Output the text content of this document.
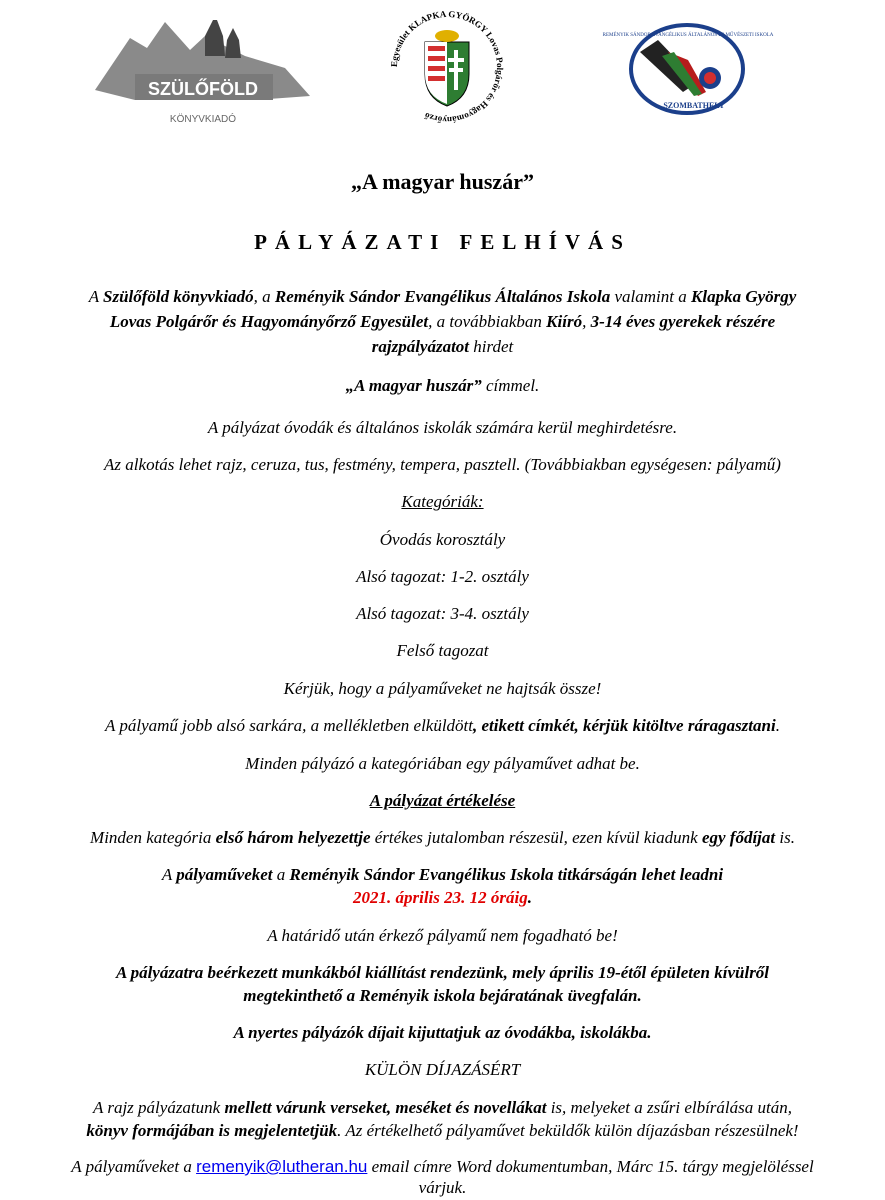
SZÜLŐFÖLD
KÖNYVKIADÓ
Egyesület KLAPKA GYÖRGY Lovas Polgárőr és Hagyományőrző
REMÉNYIK SÁNDOR EVANGÉLIKUS ÁLTALÁNOS ÉS MŰVÉSZETI ISKOLA
SZOMBATHELY
„A magyar huszár”
PÁLYÁZATI FELHÍVÁS
A Szülőföld könyvkiadó, a Reményik Sándor Evangélikus Általános Iskola valamint a Klapka György
Lovas Polgárőr és Hagyományőrző Egyesület, a továbbiakban Kiíró, 3-14 éves gyerekek részére
rajzpályázatot hirdet
„A magyar huszár” címmel.
A pályázat óvodák és általános iskolák számára kerül meghirdetésre.
Az alkotás lehet rajz, ceruza, tus, festmény, tempera, pasztell. (Továbbiakban egységesen: pályamű)
Kategóriák:
Óvodás korosztály
Alsó tagozat: 1-2. osztály
Alsó tagozat: 3-4. osztály
Felső tagozat
Kérjük, hogy a pályaműveket ne hajtsák össze!
A pályamű jobb alsó sarkára, a mellékletben elküldött, etikett címkét, kérjük kitöltve ráragasztani.
Minden pályázó a kategóriában egy pályaművet adhat be.
A pályázat értékelése
Minden kategória első három helyezettje értékes jutalomban részesül, ezen kívül kiadunk egy fődíjat is.
A pályaműveket a Reményik Sándor Evangélikus Iskola titkárságán lehet leadni
2021. április 23. 12 óráig.
A határidő után érkező pályamű nem fogadható be!
A pályázatra beérkezett munkákból kiállítást rendezünk, mely április 19-étől épületen kívülről
megtekinthető a Reményik iskola bejáratának üvegfalán.
A nyertes pályázók díjait kijuttatjuk az óvodákba, iskolákba.
KÜLÖN DÍJAZÁSÉRT
A rajz pályázatunk mellett várunk verseket, meséket és novellákat is, melyeket a zsűri elbírálása után,
könyv formájában is megjelentetjük. Az értékelhető pályaművet beküldők külön díjazásban részesülnek!
A pályaműveket a remenyik@lutheran.hu email címre Word dokumentumban, Márc 15. tárgy megjelöléssel
várjuk.
